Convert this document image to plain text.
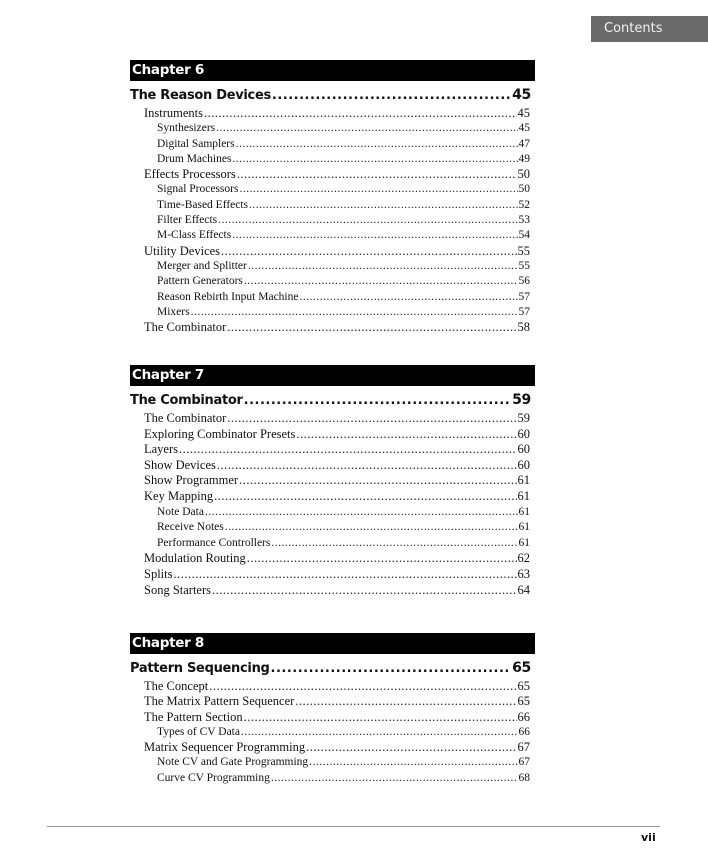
Contents
Chapter 6
The Reason Devices .....	45
Instruments .....	45
Synthesizers .....	45
Digital Samplers .....	47
Drum Machines .....	49
Effects Processors .....	50
Signal Processors .....	50
Time-Based Effects .....	52
Filter Effects .....	53
M-Class Effects .....	54
Utility Devices .....	55
Merger and Splitter .....	55
Pattern Generators .....	56
Reason Rebirth Input Machine .....	57
Mixers .....	57
The Combinator .....	58
Chapter 7
The Combinator .....	59
The Combinator .....	59
Exploring Combinator Presets .....	60
Layers .....	60
Show Devices .....	60
Show Programmer .....	61
Key Mapping .....	61
Note Data .....	61
Receive Notes .....	61
Performance Controllers .....	61
Modulation Routing .....	62
Splits .....	63
Song Starters .....	64
Chapter 8
Pattern Sequencing .....	65
The Concept .....	65
The Matrix Pattern Sequencer .....	65
The Pattern Section .....	66
Types of CV Data .....	66
Matrix Sequencer Programming .....	67
Note CV and Gate Programming .....	67
Curve CV Programming .....	68
vii
